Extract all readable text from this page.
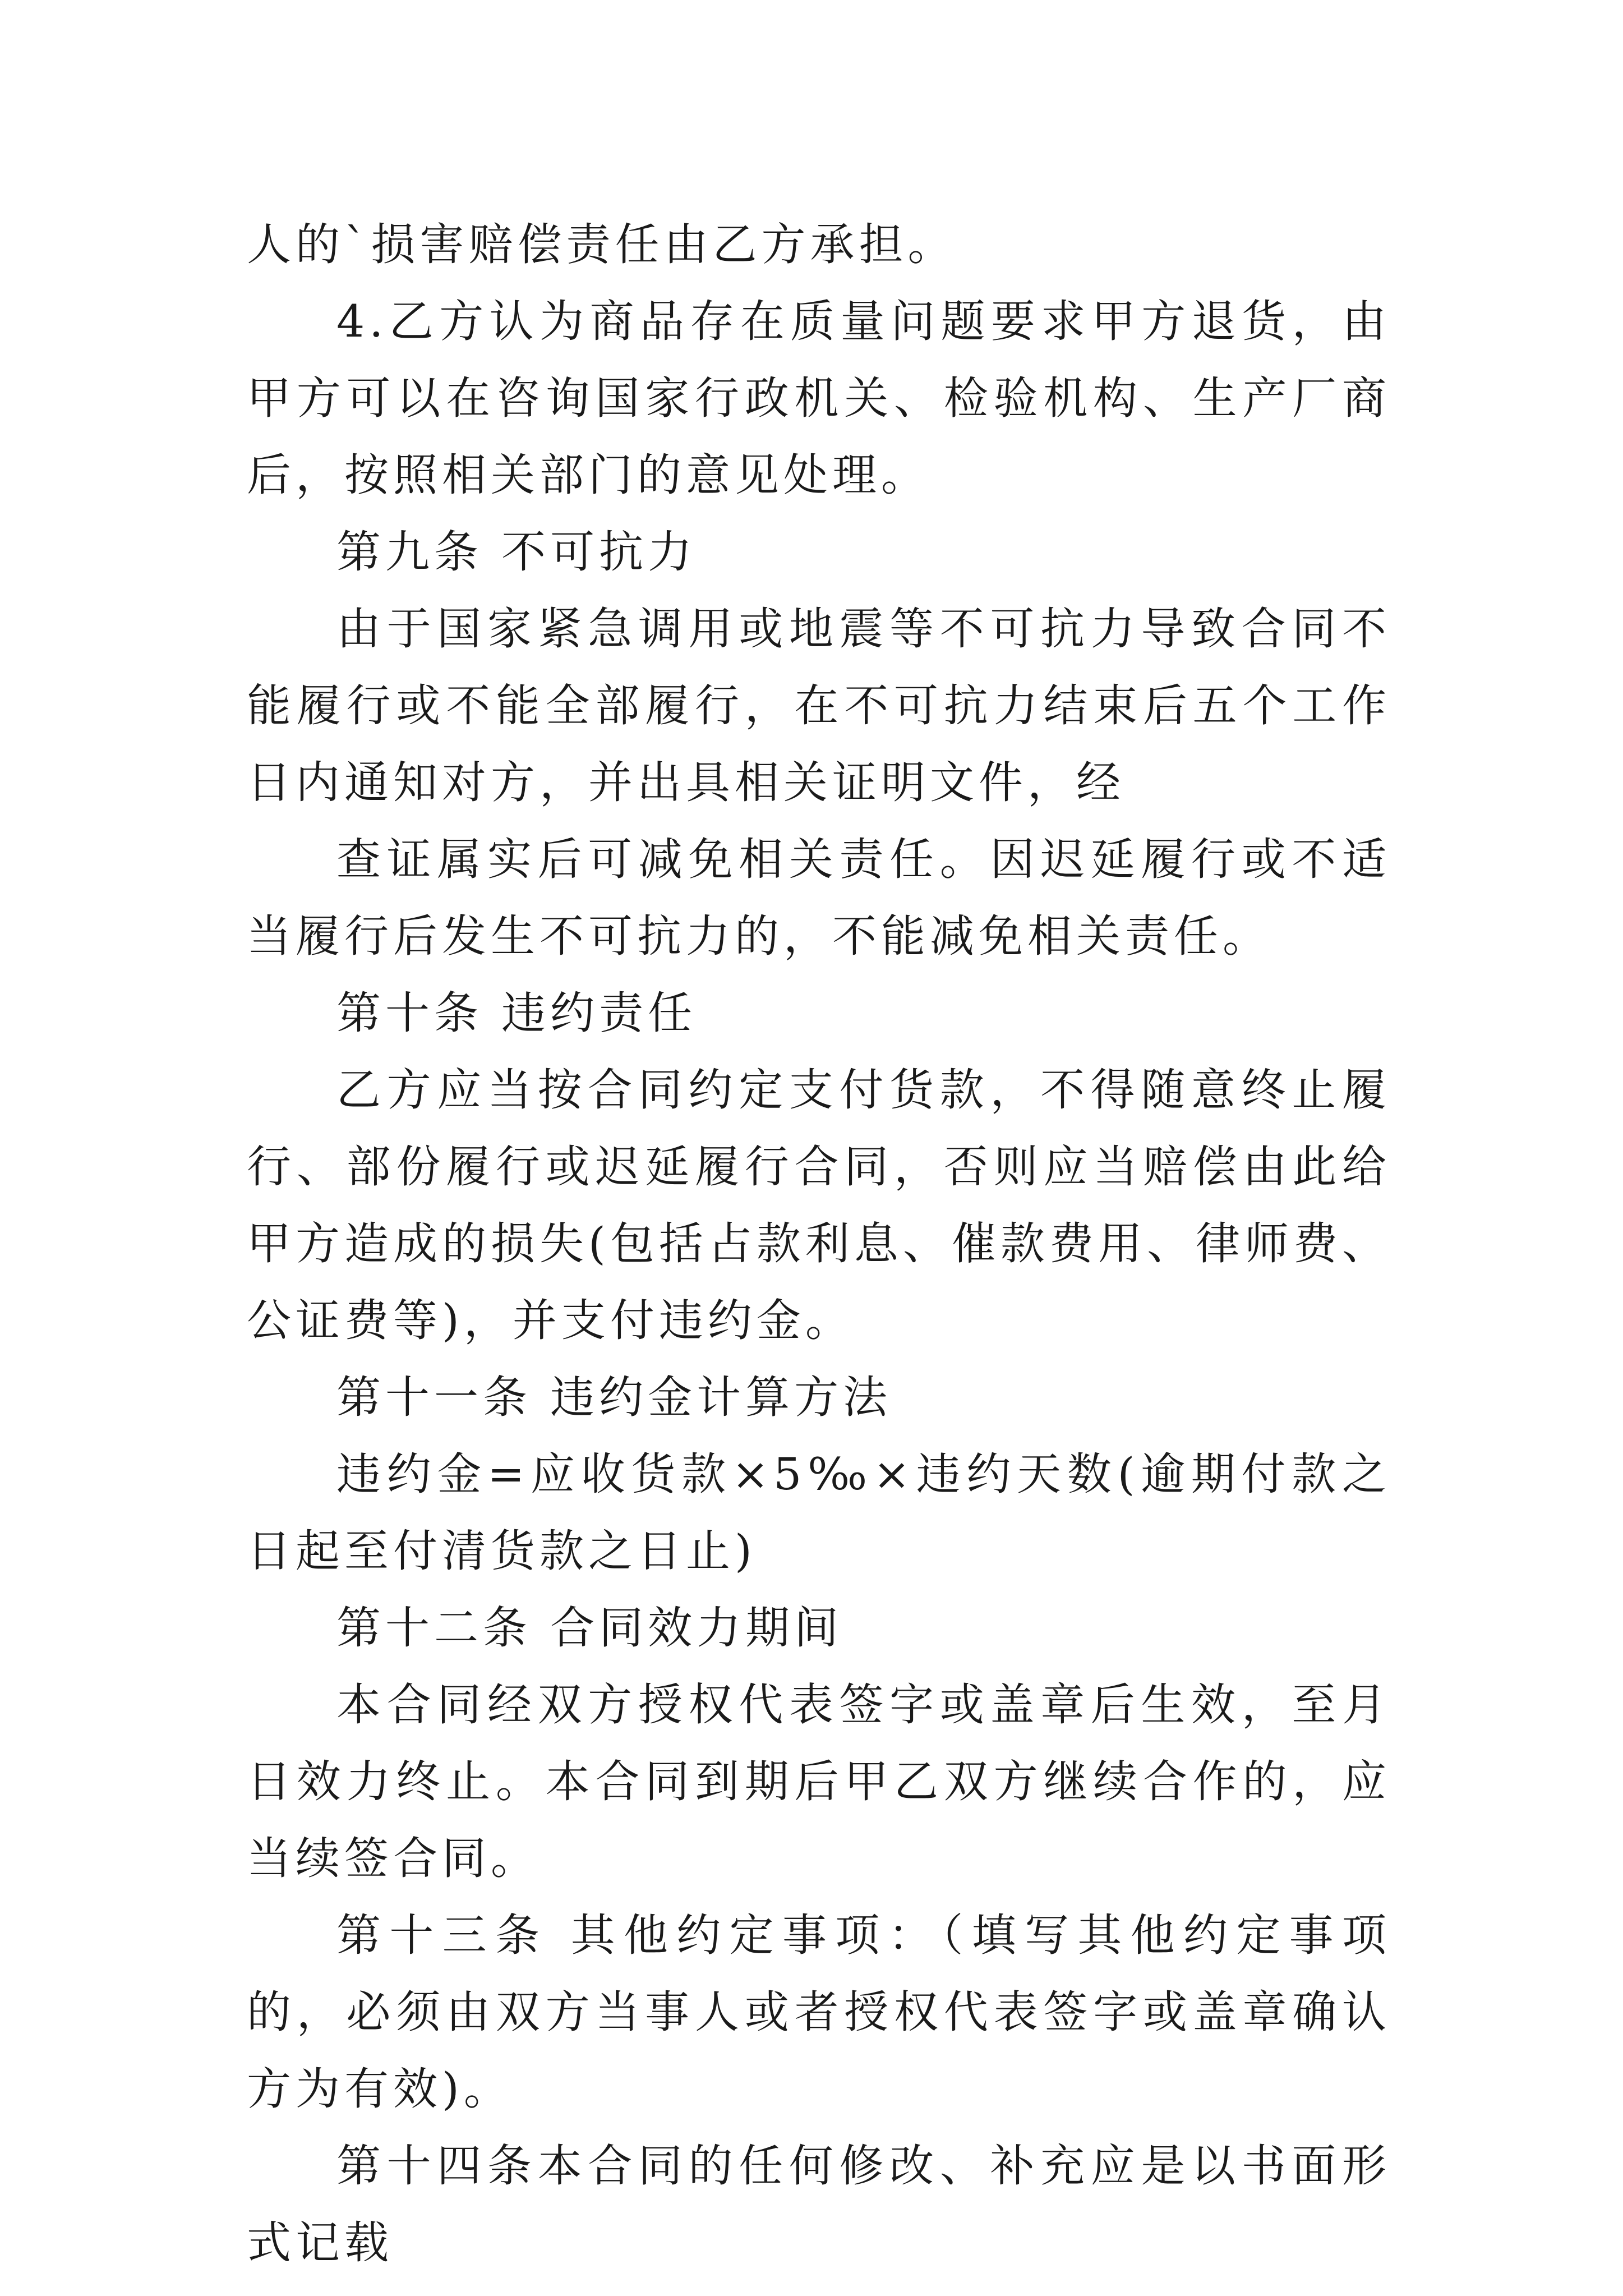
人的`损害赔偿责任由乙方承担。

4.乙方认为商品存在质量问题要求甲方退货，由甲方可以在咨询国家行政机关、检验机构、生产厂商后，按照相关部门的意见处理。

第九条 不可抗力

由于国家紧急调用或地震等不可抗力导致合同不能履行或不能全部履行，在不可抗力结束后五个工作日内通知对方，并出具相关证明文件，经

查证属实后可减免相关责任。因迟延履行或不适当履行后发生不可抗力的，不能减免相关责任。

第十条 违约责任

乙方应当按合同约定支付货款，不得随意终止履行、部份履行或迟延履行合同，否则应当赔偿由此给甲方造成的损失(包括占款利息、催款费用、律师费、公证费等)，并支付违约金。

第十一条 违约金计算方法

违约金=应收货款×5‰×违约天数(逾期付款之日起至付清货款之日止)

第十二条 合同效力期间

本合同经双方授权代表签字或盖章后生效，至月日效力终止。本合同到期后甲乙双方继续合作的，应当续签合同。

第十三条 其他约定事项：（填写其他约定事项的，必须由双方当事人或者授权代表签字或盖章确认方为有效)。

第十四条本合同的任何修改、补充应是以书面形式记载
